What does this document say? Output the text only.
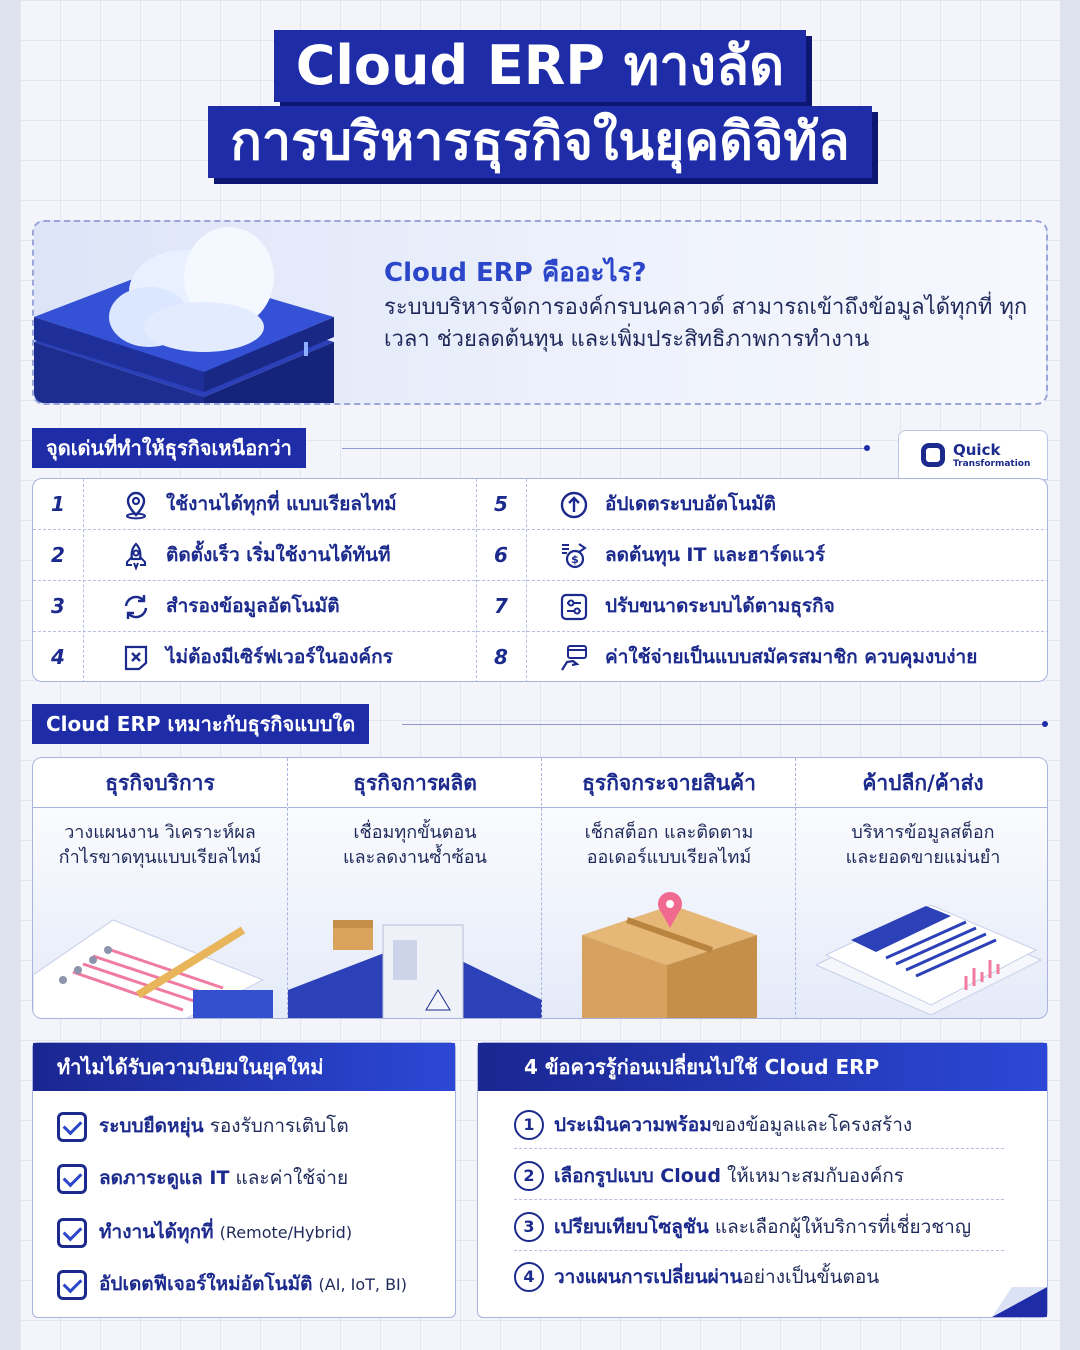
Cloud ERP ทางลัด
การบริหารธุรกิจในยุคดิจิทัล
Cloud ERP คืออะไร?
ระบบบริหารจัดการองค์กรบนคลาวด์ สามารถเข้าถึงข้อมูลได้ทุกที่ ทุกเวลา ช่วยลดต้นทุน และเพิ่มประสิทธิภาพการทำงาน
จุดเด่นที่ทำให้ธุรกิจเหนือกว่า	Quick
Transformation
1	ใช้งานได้ทุกที่ แบบเรียลไทม์	5	อัปเดตระบบอัตโนมัติ
2	ติดตั้งเร็ว เริ่มใช้งานได้ทันที	6	$ ลดต้นทุน IT และฮาร์ดแวร์
3	สำรองข้อมูลอัตโนมัติ	7	ปรับขนาดระบบได้ตามธุรกิจ
4	ไม่ต้องมีเซิร์ฟเวอร์ในองค์กร	8	ค่าใช้จ่ายเป็นแบบสมัครสมาชิก ควบคุมงบง่าย
Cloud ERP เหมาะกับธุรกิจแบบใด
ธุรกิจบริการ
วางแผนงาน วิเคราะห์ผล
กำไรขาดทุนแบบเรียลไทม์
ธุรกิจการผลิต
เชื่อมทุกขั้นตอน
และลดงานซ้ำซ้อน
ธุรกิจกระจายสินค้า
เช็กสต็อก และติดตาม
ออเดอร์แบบเรียลไทม์
ค้าปลีก/ค้าส่ง
บริหารข้อมูลสต็อก
และยอดขายแม่นยำ
ทำไมได้รับความนิยมในยุคใหม่
ระบบยืดหยุ่น รองรับการเติบโต
ลดภาระดูแล IT และค่าใช้จ่าย
ทำงานได้ทุกที่ (Remote/Hybrid)
อัปเดตฟีเจอร์ใหม่อัตโนมัติ (AI, IoT, BI)
4 ข้อควรรู้ก่อนเปลี่ยนไปใช้ Cloud ERP
1	ประเมินความพร้อมของข้อมูลและโครงสร้าง
2	เลือกรูปแบบ Cloud ให้เหมาะสมกับองค์กร
3	เปรียบเทียบโซลูชัน และเลือกผู้ให้บริการที่เชี่ยวชาญ
4	วางแผนการเปลี่ยนผ่านอย่างเป็นขั้นตอน
